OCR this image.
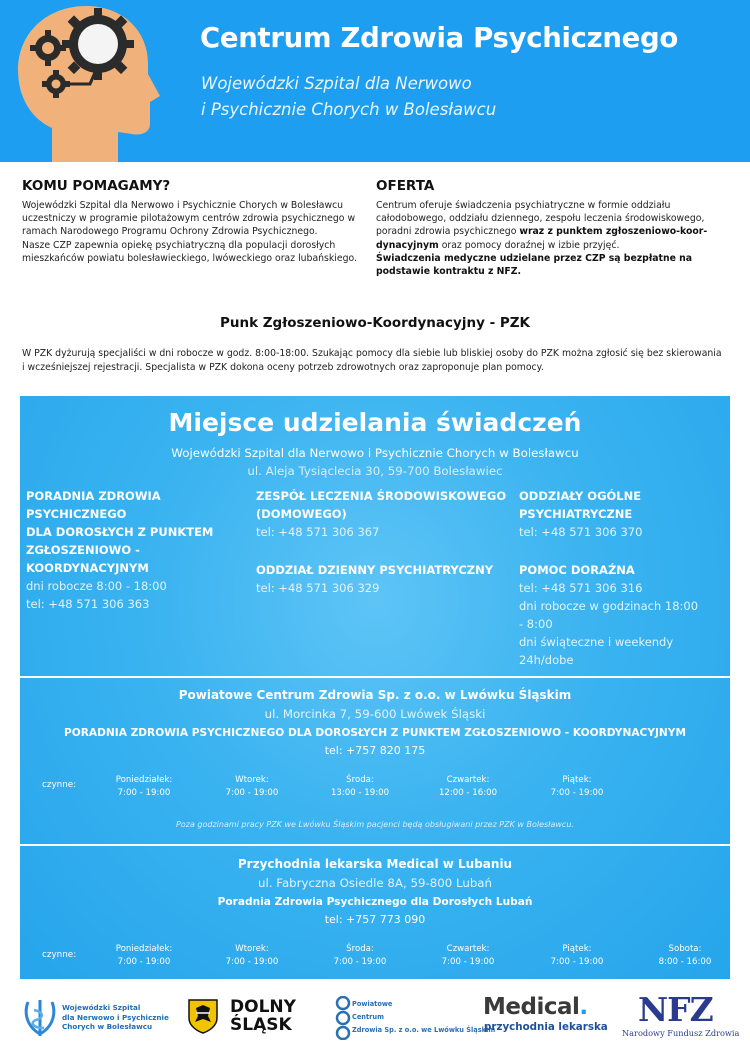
Centrum Zdrowia Psychicznego
Wojewódzki Szpital dla Nerwowo
i Psychicznie Chorych w Bolesławcu
KOMU POMAGAMY?

Wojewódzki Szpital dla Nerwowo i Psychicznie Chorych w Bolesławcu uczestniczy w programie pilotażowym centrów zdrowia psychicznego w ramach Narodowego Programu Ochrony Zdrowia Psychicznego.

Nasze CZP zapewnia opiekę psychiatryczną dla populacji dorosłych mieszkańców powiatu bolesławieckiego, lwóweckiego oraz lubańskiego.

OFERTA

Centrum oferuje świadczenia psychiatryczne w formie oddziału całodobowego, oddziału dziennego, zespołu leczenia środowiskowego, poradni zdrowia psychicznego wraz z punktem zgłoszeniowo-koor-dynacyjnym oraz pomocy doraźnej w izbie przyjęć.

Świadczenia medyczne udzielane przez CZP są bezpłatne na podstawie kontraktu z NFZ.

Punk Zgłoszeniowo-Koordynacyjny - PZK
W PZK dyżurują specjaliści w dni robocze w godz. 8:00-18:00. Szukając pomocy dla siebie lub bliskiej osoby do PZK można zgłosić się bez skierowania i wcześniejszej rejestracji. Specjalista w PZK dokona oceny potrzeb zdrowotnych oraz zaproponuje plan pomocy.
Miejsce udzielania świadczeń
Wojewódzki Szpital dla Nerwowo i Psychicznie Chorych w Bolesławcu
ul. Aleja Tysiąclecia 30, 59-700 Bolesławiec
PORADNIA ZDROWIA
PSYCHICZNEGO
DLA DOROSŁYCH Z PUNKTEM
ZGŁOSZENIOWO -
KOORDYNACYJNYM
dni robocze 8:00 - 18:00
tel: +48 571 306 363
ZESPÓŁ LECZENIA ŚRODOWISKOWEGO
(DOMOWEGO)
tel: +48 571 306 367
ODDZIAŁ DZIENNY PSYCHIATRYCZNY
tel: +48 571 306 329
ODDZIAŁY OGÓLNE
PSYCHIATRYCZNE
tel: +48 571 306 370
POMOC DORAŹNA
tel: +48 571 306 316
dni robocze w godzinach 18:00
- 8:00
dni świąteczne i weekendy
24h/dobe
Powiatowe Centrum Zdrowia Sp. z o.o. w Lwówku Śląskim
ul. Morcinka 7, 59-600 Lwówek Śląski
PORADNIA ZDROWIA PSYCHICZNEGO DLA DOROSŁYCH Z PUNKTEM ZGŁOSZENIOWO - KOORDYNACYJNYM
tel: +757 820 175
czynne:	Poniedziałek:
7:00 - 19:00
Wtorek:
7:00 - 19:00
Środa:
13:00 - 19:00
Czwartek:
12:00 - 16:00
Piątek:
7:00 - 19:00
Poza godzinami pracy PZK we Lwówku Śląskim pacjenci będą obsługiwani przez PZK w Bolesławcu.
Przychodnia lekarska Medical w Lubaniu
ul. Fabryczna Osiedle 8A, 59-800 Lubań
Poradnia Zdrowia Psychicznego dla Dorosłych Lubań
tel: +757 773 090
czynne:
Poniedziałek:
7:00 - 19:00
Wtorek:
7:00 - 19:00
Środa:
7:00 - 19:00
Czwartek:
7:00 - 19:00
Piątek:
7:00 - 19:00
Sobota:
8:00 - 16:00
Wojewódzki Szpital
dla Nerwowo i Psychicznie
Chorych w Bolesławcu
DOLNY
ŚLĄSK
Powiatowe
Centrum
Zdrowia Sp. z o.o. we Lwówku Śląskim
Medical.
przychodnia lekarska NFZ
Narodowy Fundusz Zdrowia
